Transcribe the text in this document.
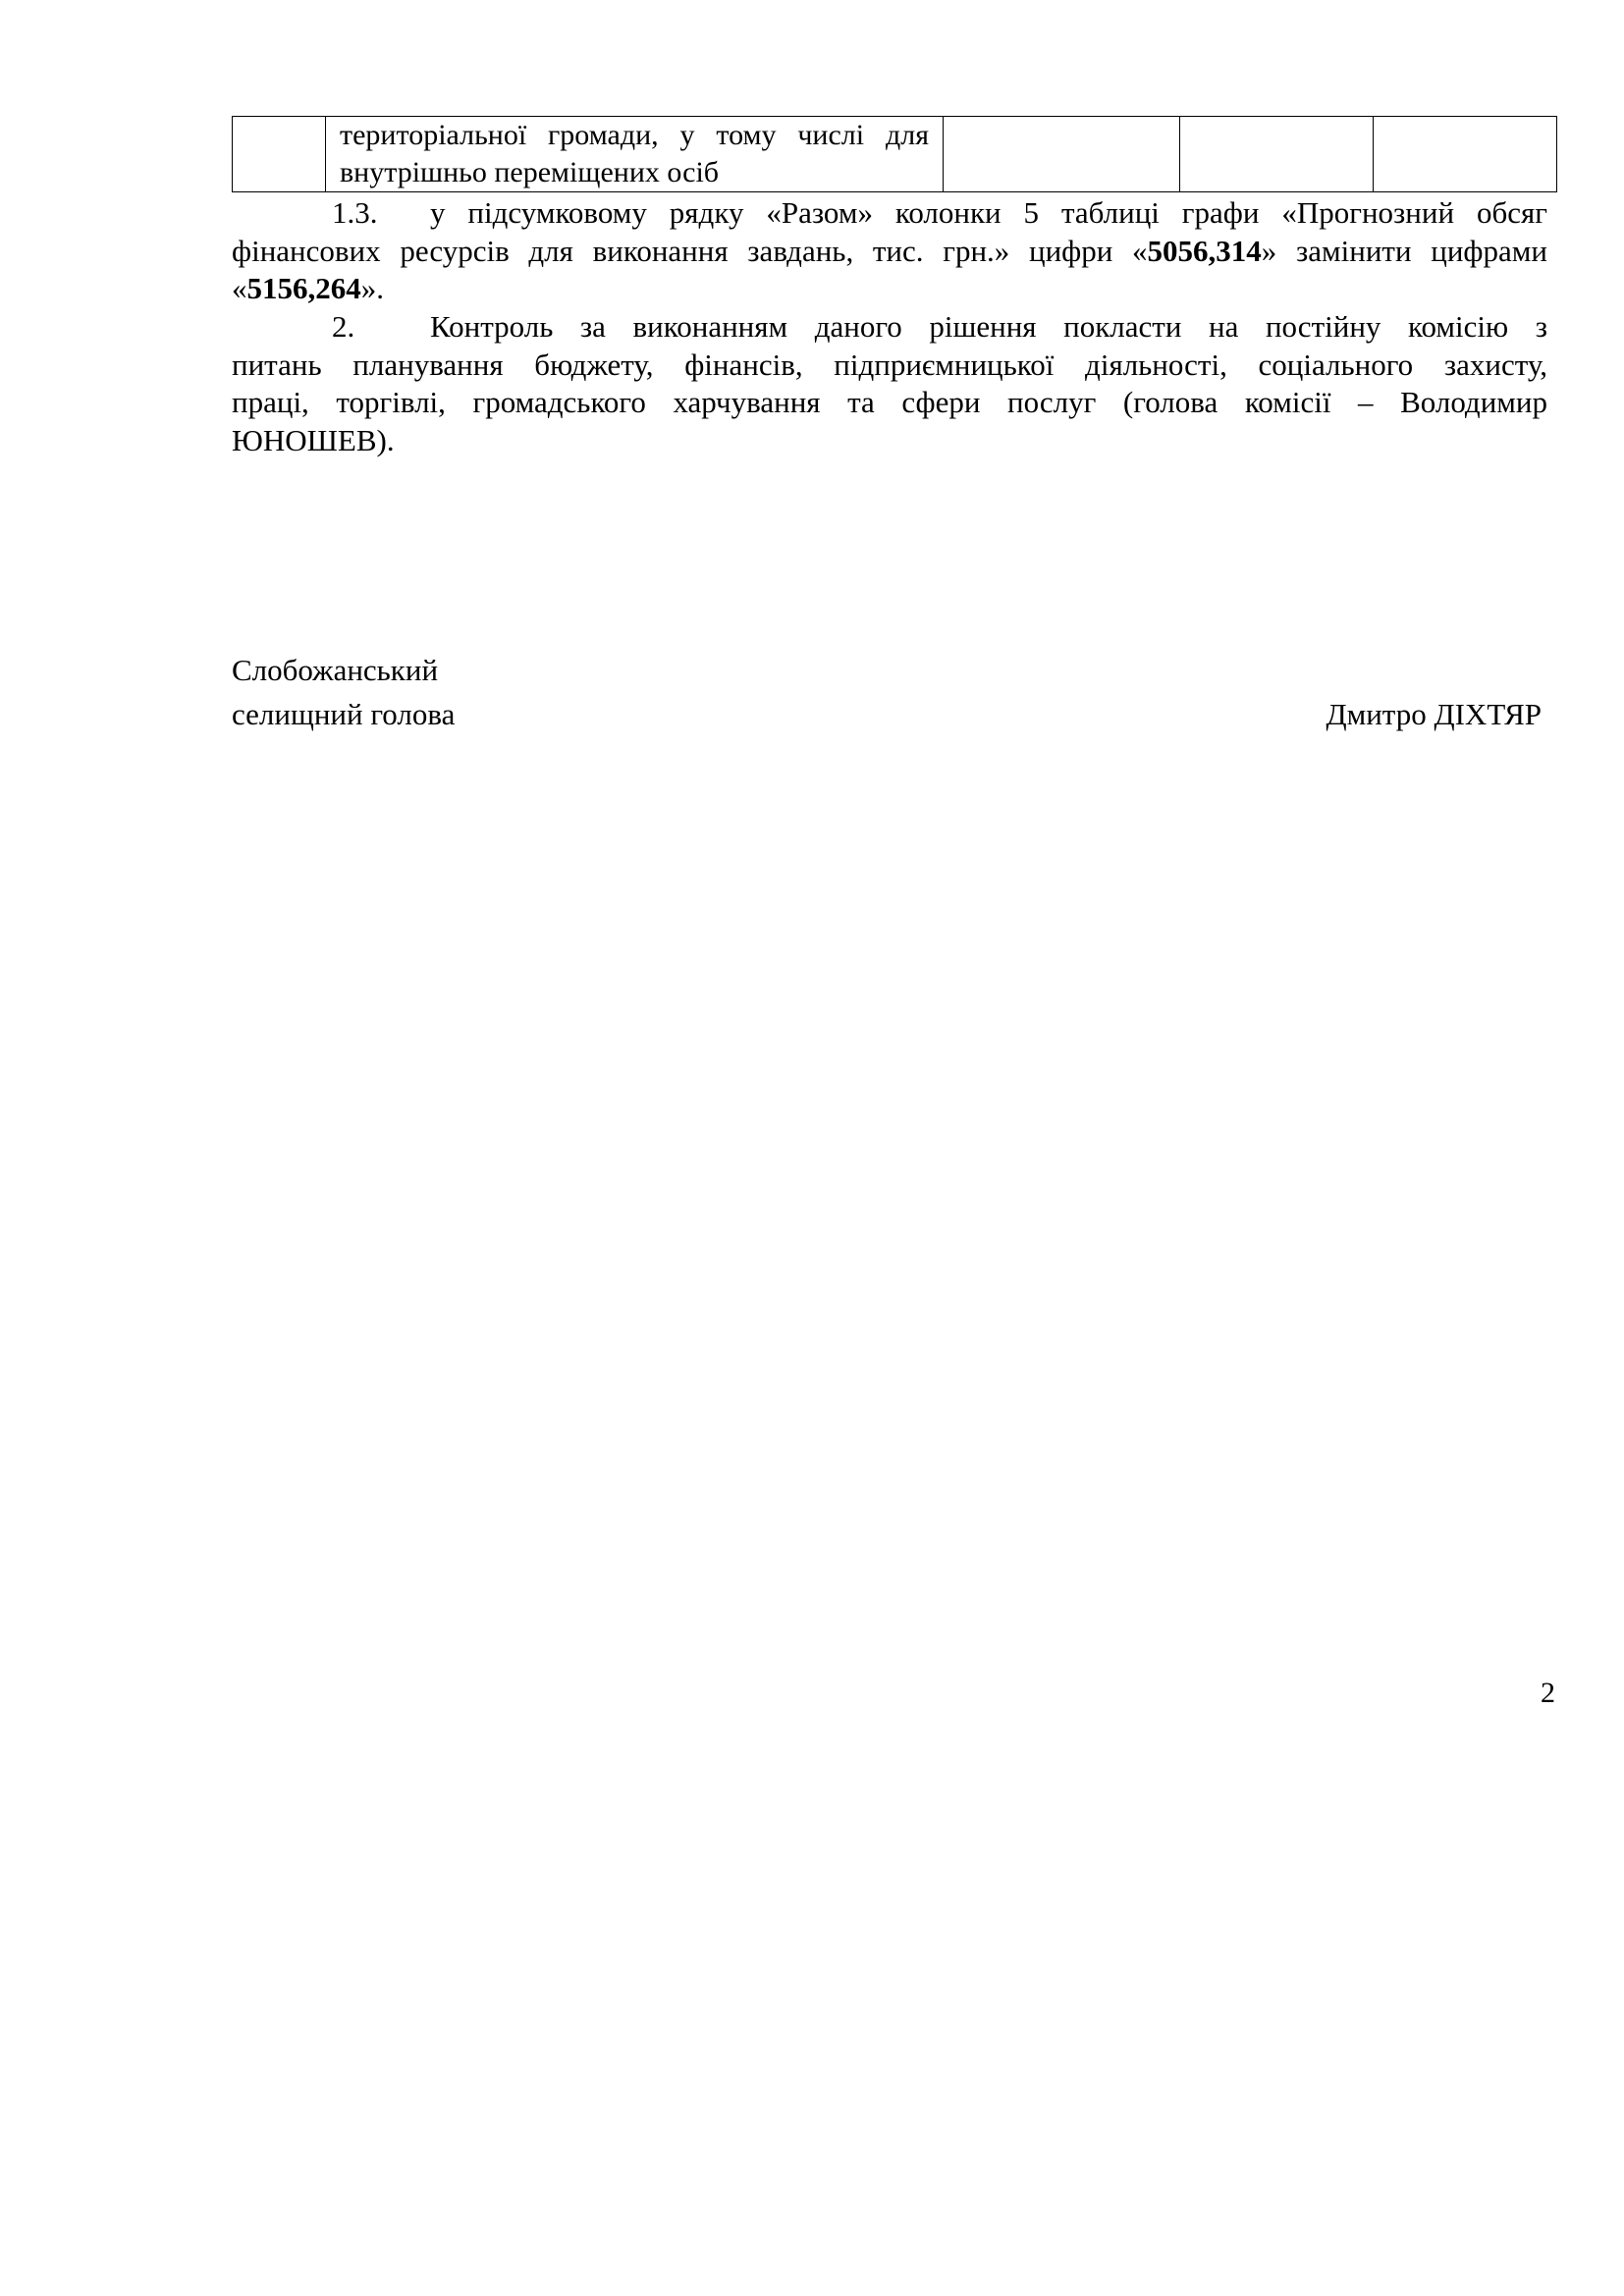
територіальної громади, у тому числі для
внутрішньо переміщених осіб

1.3. у підсумковому рядку «Разом» колонки 5 таблиці графи «Прогнозний обсяг
фінансових ресурсів для виконання завдань, тис. грн.» цифри «5056,314» замінити цифрами
«5156,264».
2. Контроль за виконанням даного рішення покласти на постійну комісію з
питань планування бюджету, фінансів, підприємницької діяльності, соціального захисту,
праці, торгівлі, громадського харчування та сфери послуг (голова комісії – Володимир
ЮНОШЕВ).
Слобожанський
селищний голова	Дмитро ДІХТЯР
2
